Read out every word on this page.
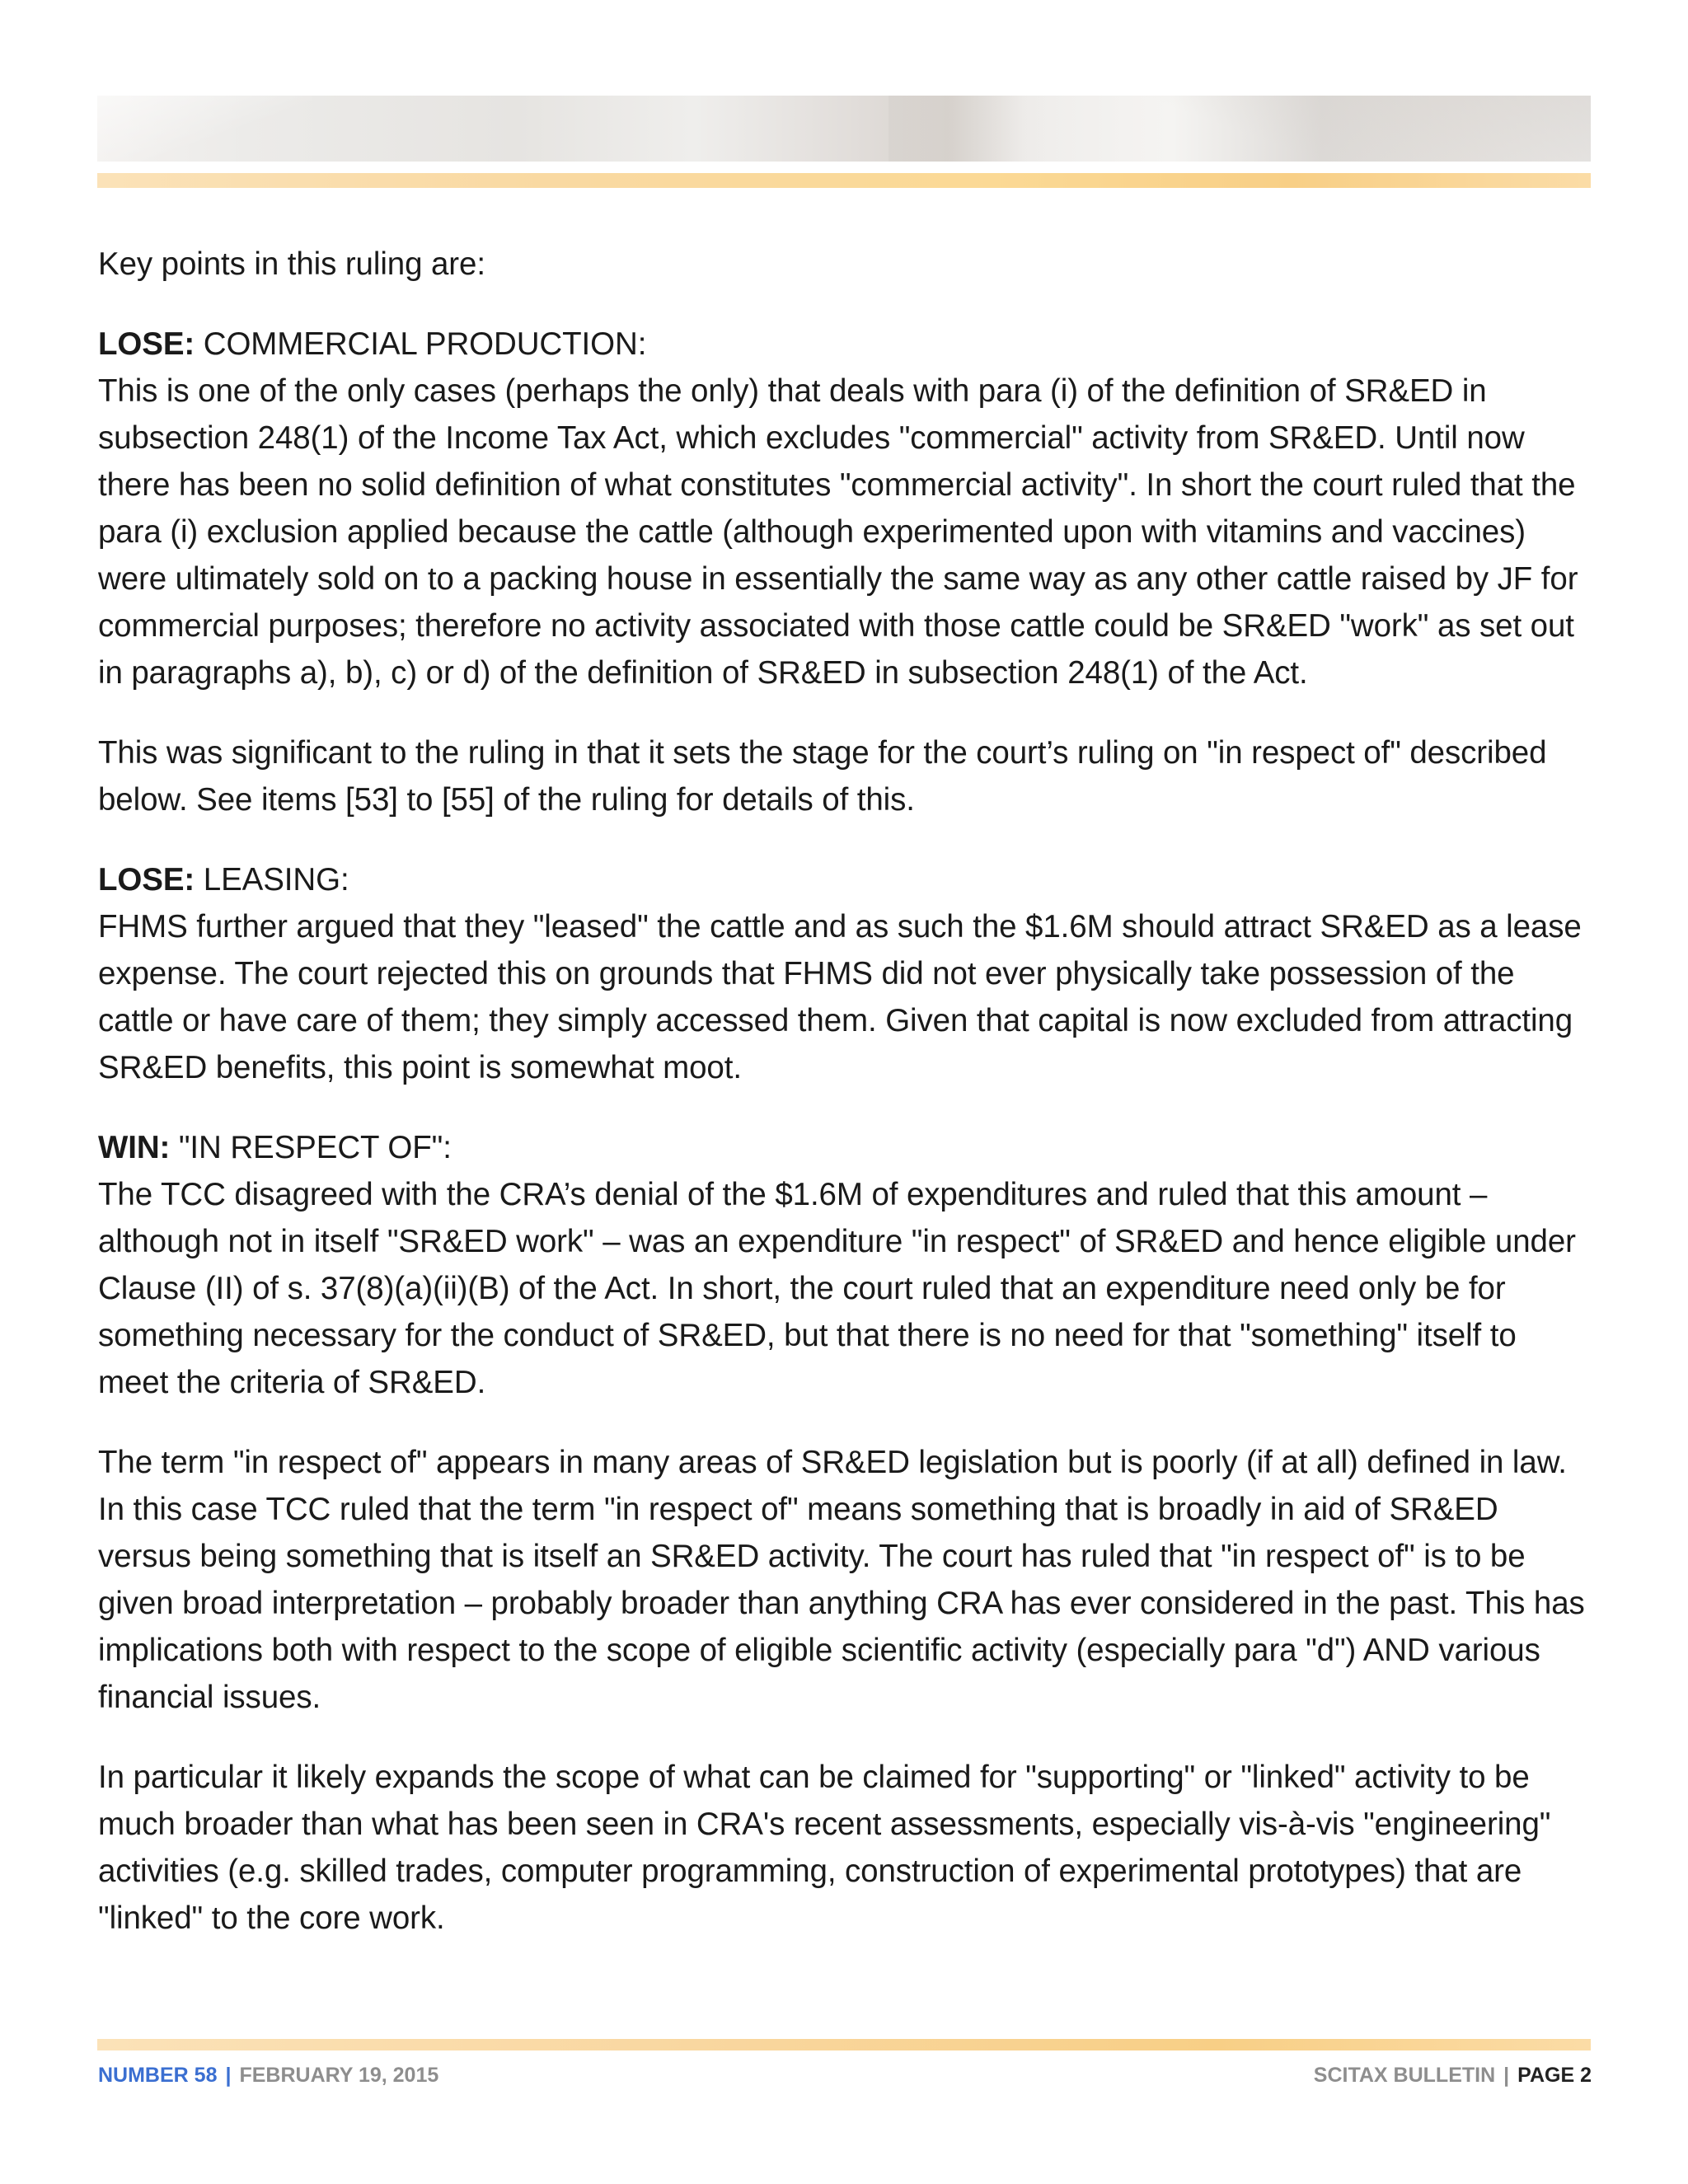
Key points in this ruling are:

LOSE: COMMERCIAL PRODUCTION:
This is one of the only cases (perhaps the only) that deals with para (i) of the definition of SR&ED in subsection 248(1) of the Income Tax Act, which excludes "commercial" activity from SR&ED. Until now there has been no solid definition of what constitutes "commercial activity". In short the court ruled that the para (i) exclusion applied because the cattle (although experimented upon with vitamins and vaccines) were ultimately sold on to a packing house in essentially the same way as any other cattle raised by JF for commercial purposes; therefore no activity associated with those cattle could be SR&ED "work" as set out in paragraphs a), b), c) or d) of the definition of SR&ED in subsection 248(1) of the Act.

This was significant to the ruling in that it sets the stage for the court’s ruling on "in respect of" described below. See items [53] to [55] of the ruling for details of this.

LOSE: LEASING:
FHMS further argued that they "leased" the cattle and as such the $1.6M should attract SR&ED as a lease expense. The court rejected this on grounds that FHMS did not ever physically take possession of the cattle or have care of them; they simply accessed them. Given that capital is now excluded from attracting SR&ED benefits, this point is somewhat moot.

WIN: "IN RESPECT OF":
The TCC disagreed with the CRA’s denial of the $1.6M of expenditures and ruled that this amount – although not in itself "SR&ED work" – was an expenditure "in respect" of SR&ED and hence eligible under Clause (II) of s. 37(8)(a)(ii)(B) of the Act. In short, the court ruled that an expenditure need only be for something necessary for the conduct of SR&ED, but that there is no need for that "something" itself to meet the criteria of SR&ED.

The term "in respect of" appears in many areas of SR&ED legislation but is poorly (if at all) defined in law. In this case TCC ruled that the term "in respect of" means something that is broadly in aid of SR&ED versus being something that is itself an SR&ED activity. The court has ruled that "in respect of" is to be given broad interpretation – probably broader than anything CRA has ever considered in the past. This has implications both with respect to the scope of eligible scientific activity (especially para "d") AND various financial issues.

In particular it likely expands the scope of what can be claimed for "supporting" or "linked" activity to be much broader than what has been seen in CRA's recent assessments, especially vis-à-vis "engineering" activities (e.g. skilled trades, computer programming, construction of experimental prototypes) that are "linked" to the core work.

NUMBER 58 | FEBRUARY 19, 2015	SCITAX BULLETIN | PAGE 2
